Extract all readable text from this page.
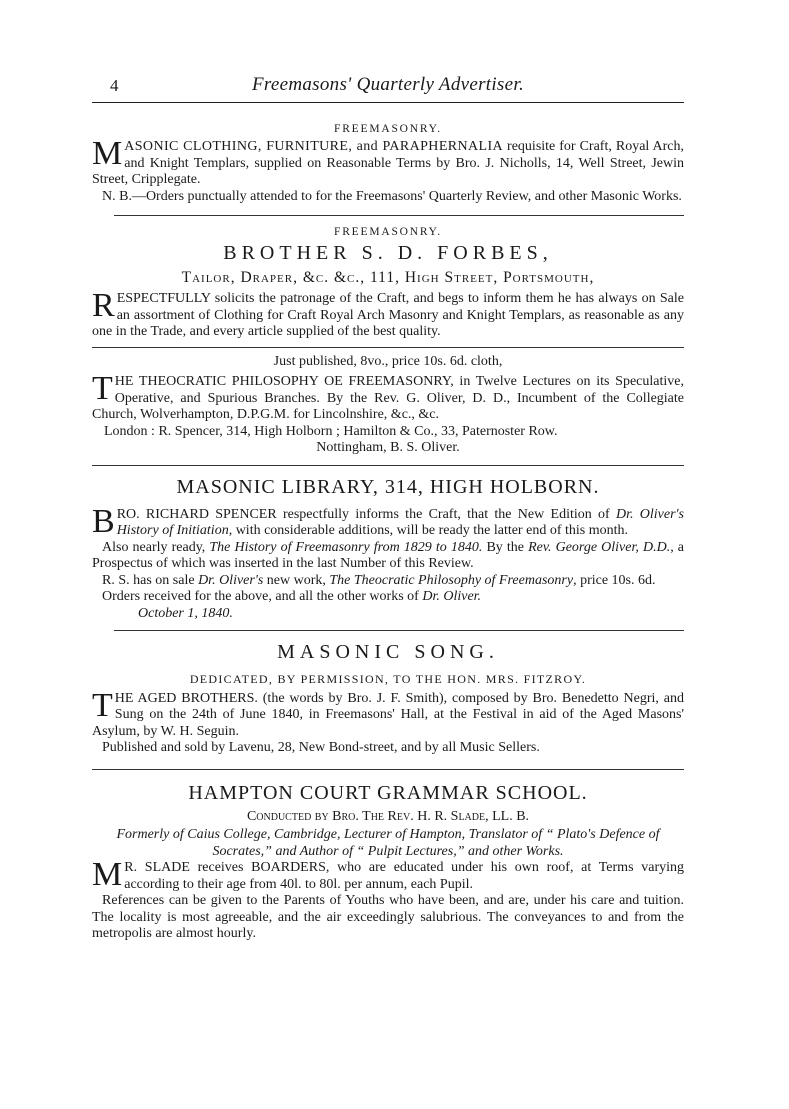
4	Freemasons' Quarterly Advertiser.
FREEMASONRY.

MASONIC CLOTHING, FURNITURE, and PARAPHERNALIA requisite for Craft, Royal Arch, and Knight Templars, supplied on Reasonable Terms by Bro. J. Nicholls, 14, Well Street, Jewin Street, Cripplegate.

N. B.—Orders punctually attended to for the Freemasons' Quarterly Review, and other Masonic Works.

FREEMASONRY.
BROTHER S. D. FORBES,
Tailor, Draper, &c. &c., 111, High Street, Portsmouth,

RESPECTFULLY solicits the patronage of the Craft, and begs to inform them he has always on Sale an assortment of Clothing for Craft Royal Arch Masonry and Knight Templars, as reasonable as any one in the Trade, and every article supplied of the best quality.

Just published, 8vo., price 10s. 6d. cloth,

THE THEOCRATIC PHILOSOPHY OE FREEMASONRY, in Twelve Lectures on its Speculative, Operative, and Spurious Branches. By the Rev. G. Oliver, D. D., Incumbent of the Collegiate Church, Wolverhampton, D.P.G.M. for Lincolnshire, &c., &c.

London : R. Spencer, 314, High Holborn ; Hamilton & Co., 33, Paternoster Row.

Nottingham, B. S. Oliver.

MASONIC LIBRARY, 314, HIGH HOLBORN.

BRO. RICHARD SPENCER respectfully informs the Craft, that the New Edition of Dr. Oliver's History of Initiation, with considerable additions, will be ready the latter end of this month.

Also nearly ready, The History of Freemasonry from 1829 to 1840. By the Rev. George Oliver, D.D., a Prospectus of which was inserted in the last Number of this Review.

R. S. has on sale Dr. Oliver's new work, The Theocratic Philosophy of Freemasonry, price 10s. 6d.

Orders received for the above, and all the other works of Dr. Oliver.

October 1, 1840.
MASONIC SONG.
DEDICATED, BY PERMISSION, TO THE HON. MRS. FITZROY.

THE AGED BROTHERS. (the words by Bro. J. F. Smith), composed by Bro. Benedetto Negri, and Sung on the 24th of June 1840, in Freemasons' Hall, at the Festival in aid of the Aged Masons' Asylum, by W. H. Seguin.

Published and sold by Lavenu, 28, New Bond-street, and by all Music Sellers.

HAMPTON COURT GRAMMAR SCHOOL.
Conducted by Bro. The Rev. H. R. Slade, LL. B.

Formerly of Caius College, Cambridge, Lecturer of Hampton, Translator of “ Plato's Defence of Socrates,” and Author of “ Pulpit Lectures,” and other Works.

M R. SLADE receives BOARDERS, who are educated under his own roof, at Terms varying according to their age from 40l. to 80l. per annum, each Pupil.

References can be given to the Parents of Youths who have been, and are, under his care and tuition. The locality is most agreeable, and the air exceedingly salubrious. The conveyances to and from the metropolis are almost hourly.
